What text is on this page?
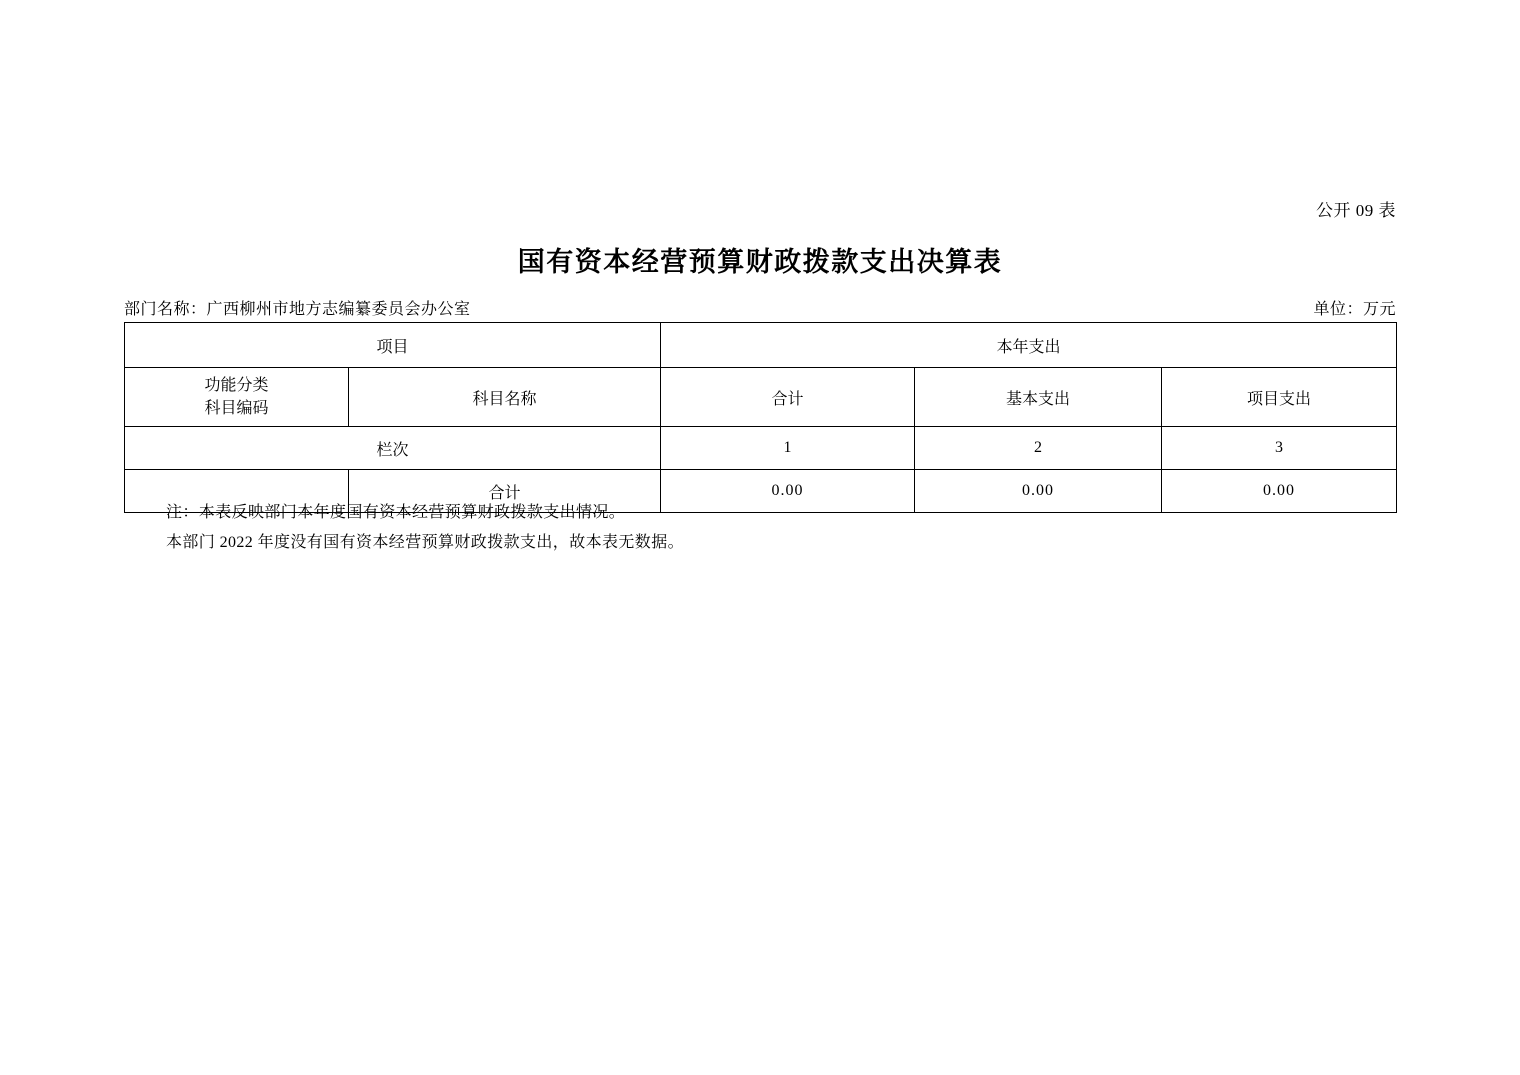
公开 09 表
国有资本经营预算财政拨款支出决算表
部门名称：广西柳州市地方志编纂委员会办公室	单位：万元
项目		本年支出		

功能分类
科目编码	科目名称	合计	基本支出	项目支出
栏次		1	2	3
	合计	0.00	0.00	0.00
注：本表反映部门本年度国有资本经营预算财政拨款支出情况。
本部门 2022 年度没有国有资本经营预算财政拨款支出，故本表无数据。
